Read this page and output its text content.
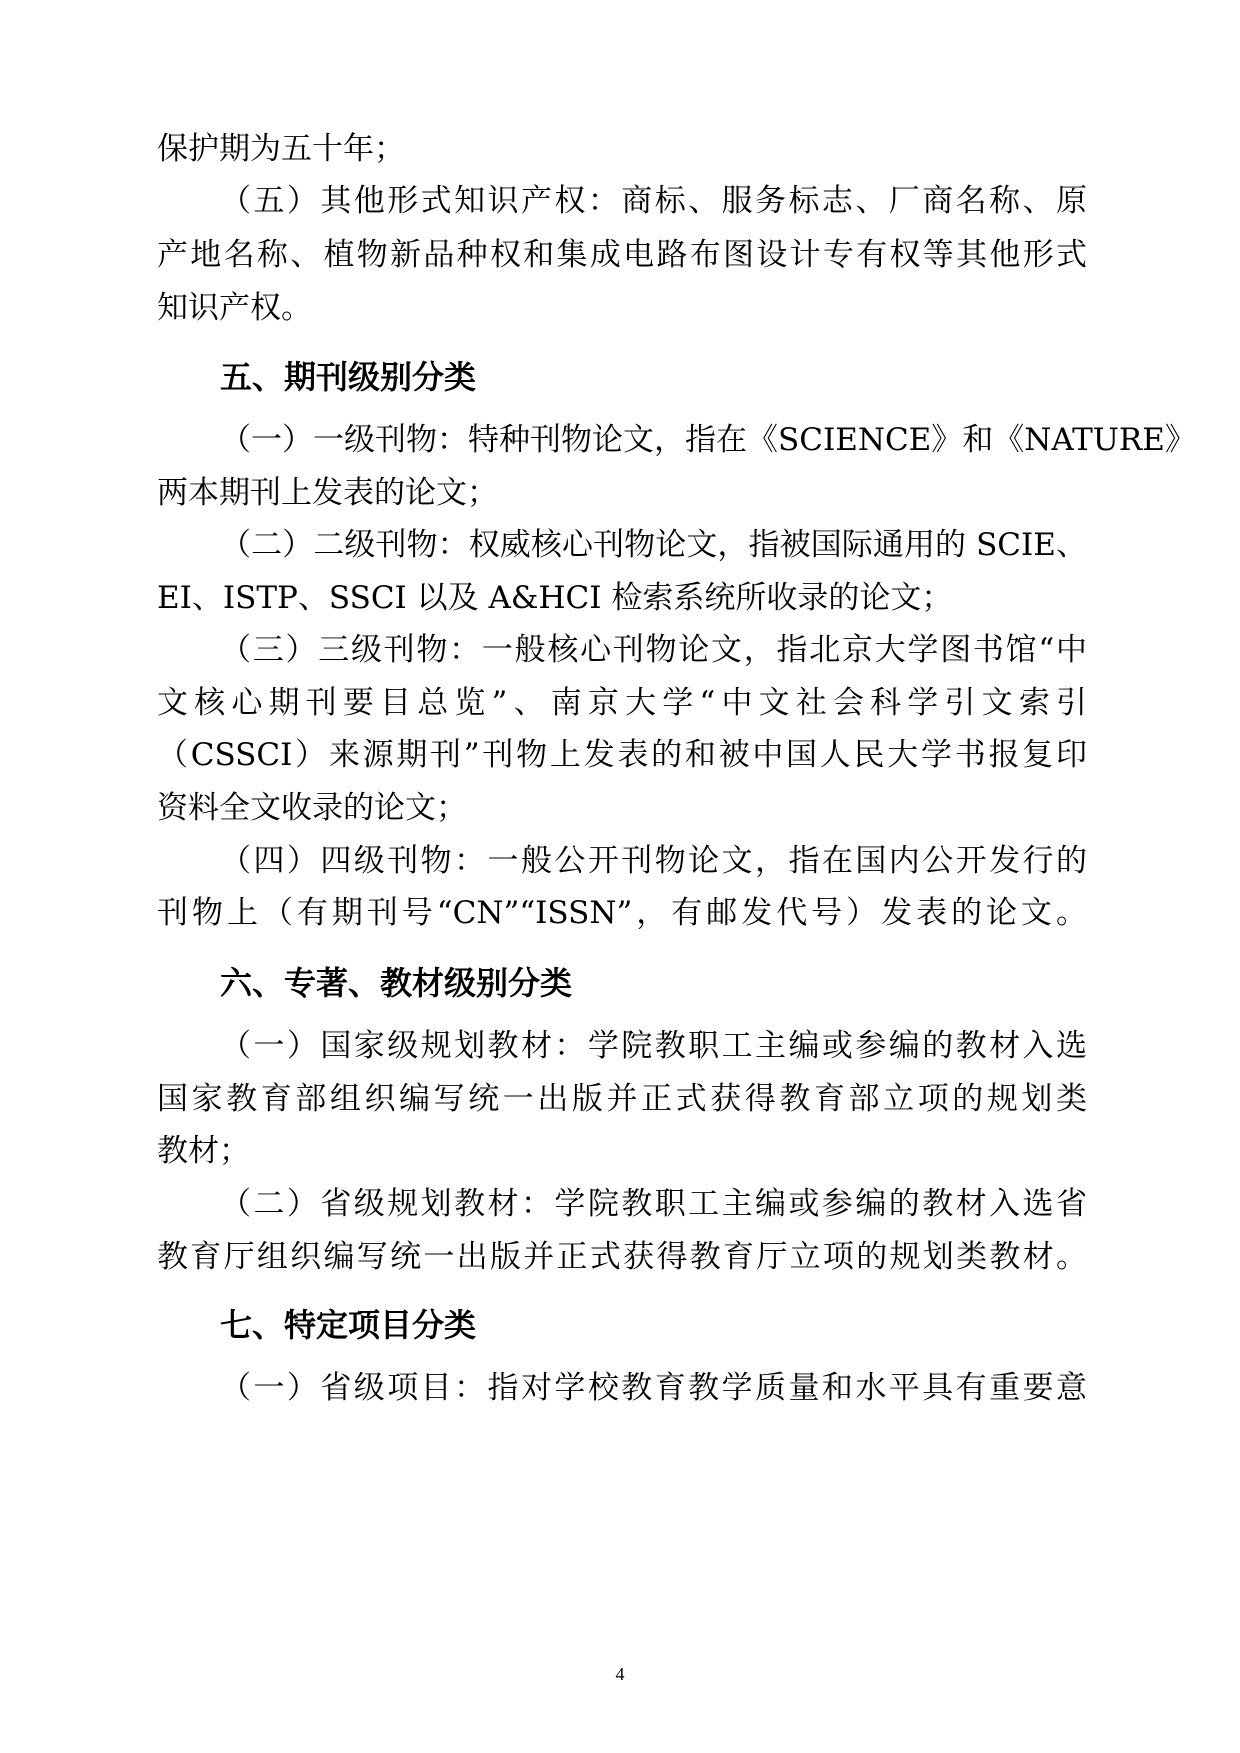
保护期为五十年；
（五）其他形式知识产权：商标、服务标志、厂商名称、原
产地名称、植物新品种权和集成电路布图设计专有权等其他形式
知识产权。
五、期刊级别分类
（一）一级刊物：特种刊物论文，指在《SCIENCE》和《NATURE》
两本期刊上发表的论文；
（二）二级刊物：权威核心刊物论文，指被国际通用的 SCIE、
EI、ISTP、SSCI 以及 A&HCI 检索系统所收录的论文；
（三）三级刊物：一般核心刊物论文，指北京大学图书馆“中
文核心期刊要目总览”、南京大学“中文社会科学引文索引
（CSSCI）来源期刊”刊物上发表的和被中国人民大学书报复印
资料全文收录的论文；
（四）四级刊物：一般公开刊物论文，指在国内公开发行的
刊物上（有期刊号“CN”“ISSN”，有邮发代号）发表的论文。
六、专著、教材级别分类
（一）国家级规划教材：学院教职工主编或参编的教材入选
国家教育部组织编写统一出版并正式获得教育部立项的规划类
教材；
（二）省级规划教材：学院教职工主编或参编的教材入选省
教育厅组织编写统一出版并正式获得教育厅立项的规划类教材。
七、特定项目分类
（一）省级项目：指对学校教育教学质量和水平具有重要意
4
